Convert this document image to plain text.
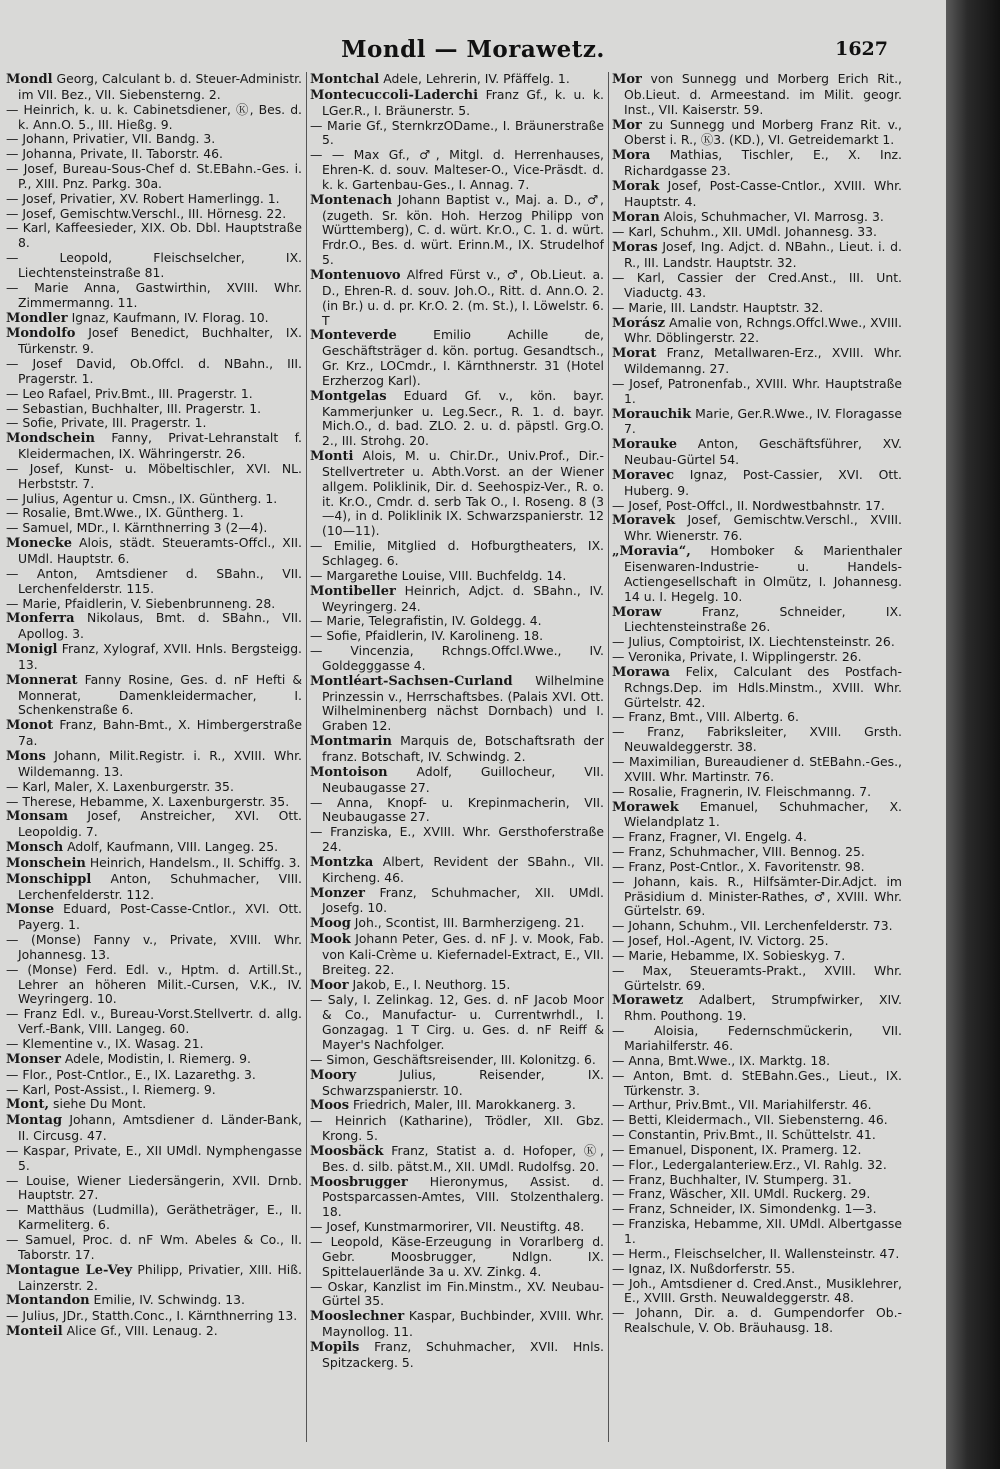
Mondl — Morawetz.	1627
Mondl Georg, Calculant b. d. Steuer-Administr. im VII. Bez., VII. Siebensterng. 2.
— Heinrich, k. u. k. Cabinetsdiener, Ⓚ, Bes. d. k. Ann.O. 5., III. Hießg. 9.
— Johann, Privatier, VII. Bandg. 3.
— Johanna, Private, II. Taborstr. 46.
— Josef, Bureau-Sous-Chef d. St.EBahn.-Ges. i. P., XIII. Pnz. Parkg. 30a.
— Josef, Privatier, XV. Robert Hamerlingg. 1.
— Josef, Gemischtw.Verschl., III. Hörnesg. 22.
— Karl, Kaffeesieder, XIX. Ob. Dbl. Hauptstraße 8.
— Leopold, Fleischselcher, IX. Liechtensteinstraße 81.
— Marie Anna, Gastwirthin, XVIII. Whr. Zimmermanng. 11.
Mondler Ignaz, Kaufmann, IV. Florag. 10.
Mondolfo Josef Benedict, Buchhalter, IX. Türkenstr. 9.
— Josef David, Ob.Offcl. d. NBahn., III. Pragerstr. 1.
— Leo Rafael, Priv.Bmt., III. Pragerstr. 1.
— Sebastian, Buchhalter, III. Pragerstr. 1.
— Sofie, Private, III. Pragerstr. 1.
Mondschein Fanny, Privat-Lehranstalt f. Kleidermachen, IX. Währingerstr. 26.
— Josef, Kunst- u. Möbeltischler, XVI. NL. Herbststr. 7.
— Julius, Agentur u. Cmsn., IX. Güntherg. 1.
— Rosalie, Bmt.Wwe., IX. Güntherg. 1.
— Samuel, MDr., I. Kärnthnerring 3 (2—4).
Monecke Alois, städt. Steueramts-Offcl., XII. UMdl. Hauptstr. 6.
— Anton, Amtsdiener d. SBahn., VII. Lerchenfelderstr. 115.
— Marie, Pfaidlerin, V. Siebenbrunneng. 28.
Monferra Nikolaus, Bmt. d. SBahn., VII. Apollog. 3.
Monigl Franz, Xylograf, XVII. Hnls. Bergsteigg. 13.
Monnerat Fanny Rosine, Ges. d. nF Hefti & Monnerat, Damenkleidermacher, I. Schenkenstraße 6.
Monot Franz, Bahn-Bmt., X. Himbergerstraße 7a.
Mons Johann, Milit.Registr. i. R., XVIII. Whr. Wildemanng. 13.
— Karl, Maler, X. Laxenburgerstr. 35.
— Therese, Hebamme, X. Laxenburgerstr. 35.
Monsam Josef, Anstreicher, XVI. Ott. Leopoldig. 7.
Monsch Adolf, Kaufmann, VIII. Langeg. 25.
Monschein Heinrich, Handelsm., II. Schiffg. 3.
Monschippl Anton, Schuhmacher, VIII. Lerchenfelderstr. 112.
Monse Eduard, Post-Casse-Cntlor., XVI. Ott. Payerg. 1.
— (Monse) Fanny v., Private, XVIII. Whr. Johannesg. 13.
— (Monse) Ferd. Edl. v., Hptm. d. Artill.St., Lehrer an höheren Milit.-Cursen, V.K., IV. Weyringerg. 10.
— Franz Edl. v., Bureau-Vorst.Stellvertr. d. allg. Verf.-Bank, VIII. Langeg. 60.
— Klementine v., IX. Wasag. 21.
Monser Adele, Modistin, I. Riemerg. 9.
— Flor., Post-Cntlor., E., IX. Lazarethg. 3.
— Karl, Post-Assist., I. Riemerg. 9.
Mont, siehe Du Mont.
Montag Johann, Amtsdiener d. Länder-Bank, II. Circusg. 47.
— Kaspar, Private, E., XII UMdl. Nymphengasse 5.
— Louise, Wiener Liedersängerin, XVII. Drnb. Hauptstr. 27.
— Matthäus (Ludmilla), Gerätheträger, E., II. Karmeliterg. 6.
— Samuel, Proc. d. nF Wm. Abeles & Co., II. Taborstr. 17.
Montague Le-Vey Philipp, Privatier, XIII. Hiß. Lainzerstr. 2.
Montandon Emilie, IV. Schwindg. 13.
— Julius, JDr., Statth.Conc., I. Kärnthnerring 13.
Monteil Alice Gf., VIII. Lenaug. 2.
Montchal Adele, Lehrerin, IV. Pfäffelg. 1.
Montecuccoli-Laderchi Franz Gf., k. u. k. LGer.R., I. Bräunerstr. 5.
— Marie Gf., SternkrzODame., I. Bräunerstraße 5.
— — Max Gf., ♂, Mitgl. d. Herrenhauses, Ehren-K. d. souv. Malteser-O., Vice-Präsdt. d. k. k. Gartenbau-Ges., I. Annag. 7.
Montenach Johann Baptist v., Maj. a. D., ♂, (zugeth. Sr. kön. Hoh. Herzog Philipp von Württemberg), C. d. würt. Kr.O., C. 1. d. würt. Frdr.O., Bes. d. würt. Erinn.M., IX. Strudelhof 5.
Montenuovo Alfred Fürst v., ♂, Ob.Lieut. a. D., Ehren-R. d. souv. Joh.O., Ritt. d. Ann.O. 2. (in Br.) u. d. pr. Kr.O. 2. (m. St.), I. Löwelstr. 6. T
Monteverde Emilio Achille de, Geschäftsträger d. kön. portug. Gesandtsch., Gr. Krz., LOCmdr., I. Kärnthnerstr. 31 (Hotel Erzherzog Karl).
Montgelas Eduard Gf. v., kön. bayr. Kammerjunker u. Leg.Secr., R. 1. d. bayr. Mich.O., d. bad. ZLO. 2. u. d. päpstl. Grg.O. 2., III. Strohg. 20.
Monti Alois, M. u. Chir.Dr., Univ.Prof., Dir.-Stellvertreter u. Abth.Vorst. an der Wiener allgem. Poliklinik, Dir. d. Seehospiz-Ver., R. o. it. Kr.O., Cmdr. d. serb Tak O., I. Roseng. 8 (3—4), in d. Poliklinik IX. Schwarzspanierstr. 12 (10—11).
— Emilie, Mitglied d. Hofburgtheaters, IX. Schlageg. 6.
— Margarethe Louise, VIII. Buchfeldg. 14.
Montibeller Heinrich, Adjct. d. SBahn., IV. Weyringerg. 24.
— Marie, Telegrafistin, IV. Goldegg. 4.
— Sofie, Pfaidlerin, IV. Karolineng. 18.
— Vincenzia, Rchngs.Offcl.Wwe., IV. Goldegggasse 4.
Montléart-Sachsen-Curland Wilhelmine Prinzessin v., Herrschaftsbes. (Palais XVI. Ott. Wilhelminenberg nächst Dornbach) und I. Graben 12.
Montmarin Marquis de, Botschaftsrath der franz. Botschaft, IV. Schwindg. 2.
Montoison Adolf, Guillocheur, VII. Neubaugasse 27.
— Anna, Knopf- u. Krepinmacherin, VII. Neubaugasse 27.
— Franziska, E., XVIII. Whr. Gersthoferstraße 24.
Montzka Albert, Revident der SBahn., VII. Kircheng. 46.
Monzer Franz, Schuhmacher, XII. UMdl. Josefg. 10.
Moog Joh., Scontist, III. Barmherzigeng. 21.
Mook Johann Peter, Ges. d. nF J. v. Mook, Fab. von Kali-Crème u. Kiefernadel-Extract, E., VII. Breiteg. 22.
Moor Jakob, E., I. Neuthorg. 15.
— Saly, I. Zelinkag. 12, Ges. d. nF Jacob Moor & Co., Manufactur- u. Currentwrhdl., I. Gonzagag. 1 T Cirg. u. Ges. d. nF Reiff & Mayer's Nachfolger.
— Simon, Geschäftsreisender, III. Kolonitzg. 6.
Moory Julius, Reisender, IX. Schwarzspanierstr. 10.
Moos Friedrich, Maler, III. Marokkanerg. 3.
— Heinrich (Katharine), Trödler, XII. Gbz. Krong. 5.
Moosbäck Franz, Statist a. d. Hofoper, Ⓚ, Bes. d. silb. pätst.M., XII. UMdl. Rudolfsg. 20.
Moosbrugger Hieronymus, Assist. d. Postsparcassen-Amtes, VIII. Stolzenthalerg. 18.
— Josef, Kunstmarmorirer, VII. Neustiftg. 48.
— Leopold, Käse-Erzeugung in Vorarlberg d. Gebr. Moosbrugger, Ndlgn. IX. Spittelauerlände 3a u. XV. Zinkg. 4.
— Oskar, Kanzlist im Fin.Minstm., XV. Neubau-Gürtel 35.
Mooslechner Kaspar, Buchbinder, XVIII. Whr. Maynollog. 11.
Mopils Franz, Schuhmacher, XVII. Hnls. Spitzackerg. 5.
Mor von Sunnegg und Morberg Erich Rit., Ob.Lieut. d. Armeestand. im Milit. geogr. Inst., VII. Kaiserstr. 59.
Mor zu Sunnegg und Morberg Franz Rit. v., Oberst i. R., Ⓚ3. (KD.), VI. Getreidemarkt 1.
Mora Mathias, Tischler, E., X. Inz. Richardgasse 23.
Morak Josef, Post-Casse-Cntlor., XVIII. Whr. Hauptstr. 4.
Moran Alois, Schuhmacher, VI. Marrosg. 3.
— Karl, Schuhm., XII. UMdl. Johannesg. 33.
Moras Josef, Ing. Adjct. d. NBahn., Lieut. i. d. R., III. Landstr. Hauptstr. 32.
— Karl, Cassier der Cred.Anst., III. Unt. Viaductg. 43.
— Marie, III. Landstr. Hauptstr. 32.
Morász Amalie von, Rchngs.Offcl.Wwe., XVIII. Whr. Döblingerstr. 22.
Morat Franz, Metallwaren-Erz., XVIII. Whr. Wildemanng. 27.
— Josef, Patronenfab., XVIII. Whr. Hauptstraße 1.
Morauchik Marie, Ger.R.Wwe., IV. Floragasse 7.
Morauke Anton, Geschäftsführer, XV. Neubau-Gürtel 54.
Moravec Ignaz, Post-Cassier, XVI. Ott. Huberg. 9.
— Josef, Post-Offcl., II. Nordwestbahnstr. 17.
Moravek Josef, Gemischtw.Verschl., XVIII. Whr. Wienerstr. 76.
„Moravia“, Homboker & Marienthaler Eisenwaren-Industrie- u. Handels-Actiengesellschaft in Olmütz, I. Johannesg. 14 u. I. Hegelg. 10.
Moraw Franz, Schneider, IX. Liechtensteinstraße 26.
— Julius, Comptoirist, IX. Liechtensteinstr. 26.
— Veronika, Private, I. Wipplingerstr. 26.
Morawa Felix, Calculant des Postfach-Rchngs.Dep. im Hdls.Minstm., XVIII. Whr. Gürtelstr. 42.
— Franz, Bmt., VIII. Albertg. 6.
— Franz, Fabriksleiter, XVIII. Grsth. Neuwaldeggerstr. 38.
— Maximilian, Bureaudiener d. StEBahn.-Ges., XVIII. Whr. Martinstr. 76.
— Rosalie, Fragnerin, IV. Fleischmanng. 7.
Morawek Emanuel, Schuhmacher, X. Wielandplatz 1.
— Franz, Fragner, VI. Engelg. 4.
— Franz, Schuhmacher, VIII. Bennog. 25.
— Franz, Post-Cntlor., X. Favoritenstr. 98.
— Johann, kais. R., Hilfsämter-Dir.Adjct. im Präsidium d. Minister-Rathes, ♂, XVIII. Whr. Gürtelstr. 69.
— Johann, Schuhm., VII. Lerchenfelderstr. 73.
— Josef, Hol.-Agent, IV. Victorg. 25.
— Marie, Hebamme, IX. Sobieskyg. 7.
— Max, Steueramts-Prakt., XVIII. Whr. Gürtelstr. 69.
Morawetz Adalbert, Strumpfwirker, XIV. Rhm. Pouthong. 19.
— Aloisia, Federnschmückerin, VII. Mariahilferstr. 46.
— Anna, Bmt.Wwe., IX. Marktg. 18.
— Anton, Bmt. d. StEBahn.Ges., Lieut., IX. Türkenstr. 3.
— Arthur, Priv.Bmt., VII. Mariahilferstr. 46.
— Betti, Kleidermach., VII. Siebensterng. 46.
— Constantin, Priv.Bmt., II. Schüttelstr. 41.
— Emanuel, Disponent, IX. Pramerg. 12.
— Flor., Ledergalanteriew.Erz., VI. Rahlg. 32.
— Franz, Buchhalter, IV. Stumperg. 31.
— Franz, Wäscher, XII. UMdl. Ruckerg. 29.
— Franz, Schneider, IX. Simondenkg. 1—3.
— Franziska, Hebamme, XII. UMdl. Albertgasse 1.
— Herm., Fleischselcher, II. Wallensteinstr. 47.
— Ignaz, IX. Nußdorferstr. 55.
— Joh., Amtsdiener d. Cred.Anst., Musiklehrer, E., XVIII. Grsth. Neuwaldeggerstr. 48.
— Johann, Dir. a. d. Gumpendorfer Ob.-Realschule, V. Ob. Bräuhausg. 18.
